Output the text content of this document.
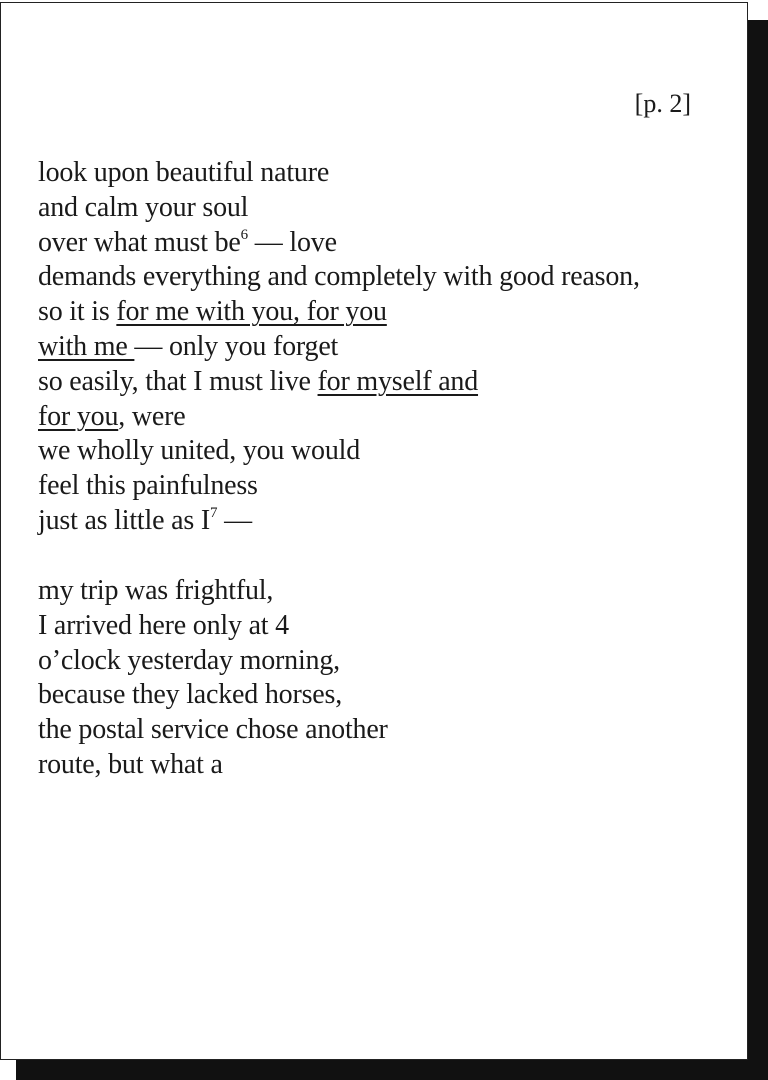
[p. 2]
look upon beautiful nature
and calm your soul
over what must $be^6$ — love
demands everything and completely with good reason,
so it is for me with you, for you
with me — only you forget
so easily, that I must live for myself and
for you, were
we wholly united, you would
feel this painfulness
just as little as $I^7$ —
my trip was frightful,
I arrived here only at 4
o’clock yesterday morning,
because they lacked horses,
the postal service chose another
route, but what a
